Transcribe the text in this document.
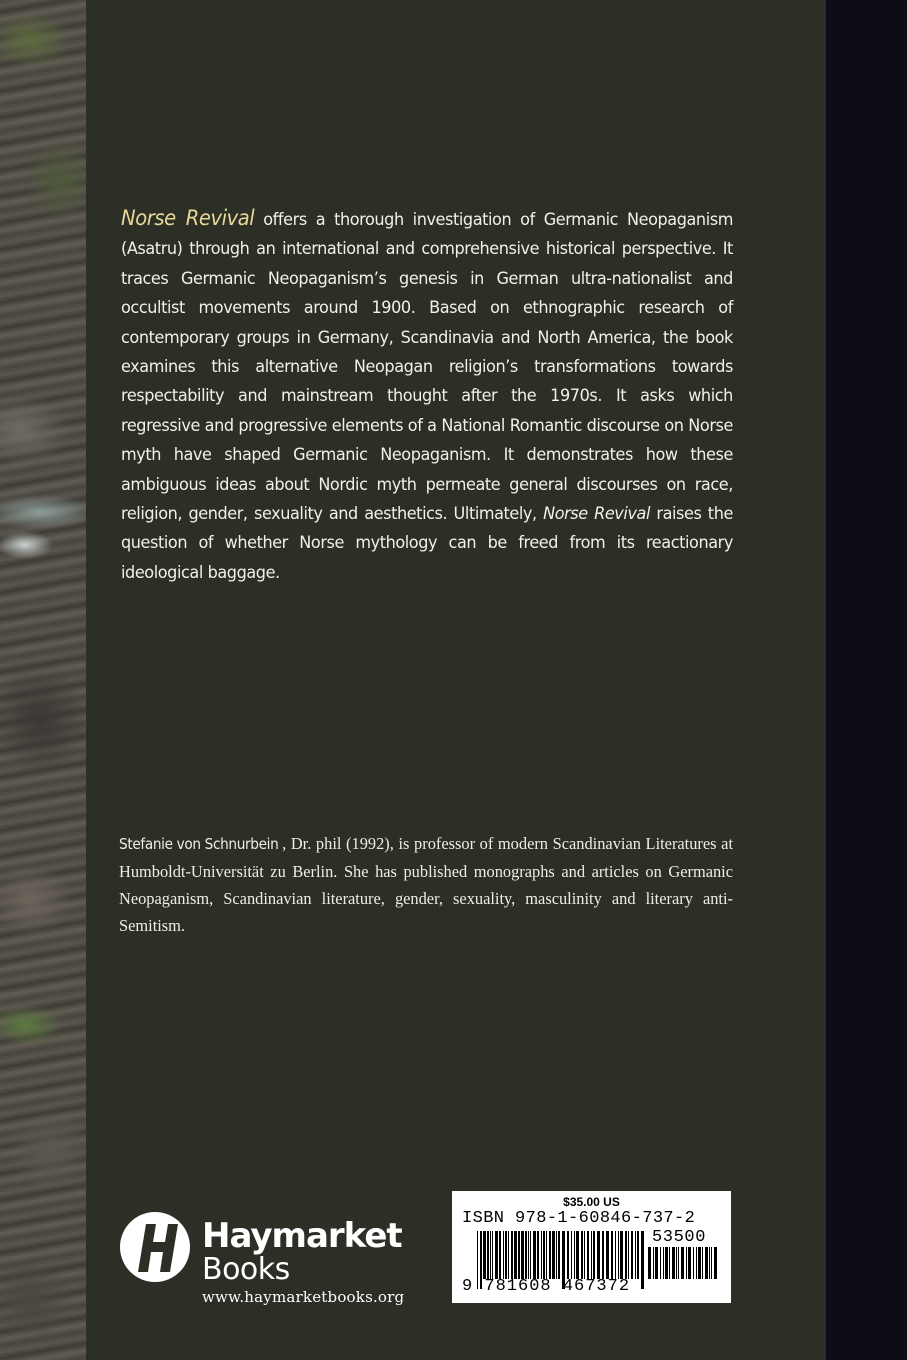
Norse Revival offers a thorough investigation of Germanic Neopaganism (Asatru) through an international and comprehensive historical perspective. It traces Germanic Neopaganism’s genesis in German ultra-nationalist and occultist movements around 1900. Based on ethnographic research of contemporary groups in Germany, Scandinavia and North America, the book examines this alternative Neopagan religion’s transformations towards respectability and mainstream thought after the 1970s. It asks which regressive and progressive elements of a National Romantic discourse on Norse myth have shaped Germanic Neopaganism. It demonstrates how these ambiguous ideas about Nordic myth permeate general discourses on race, religion, gender, sexuality and aesthetics. Ultimately, Norse Revival raises the question of whether Norse mythology can be freed from its reactionary ideological baggage.
Stefanie von Schnurbein , Dr. phil (1992), is professor of modern Scandinavian Literatures at Humboldt-Universität zu Berlin. She has published monographs and articles on Germanic Neopaganism, Scandinavian literature, gender, sexuality, masculinity and literary anti-Semitism.
Haymarket
Books
www.haymarketbooks.org
$35.00 US
ISBN 978-1-60846-737-2
53500
9 781608 467372
